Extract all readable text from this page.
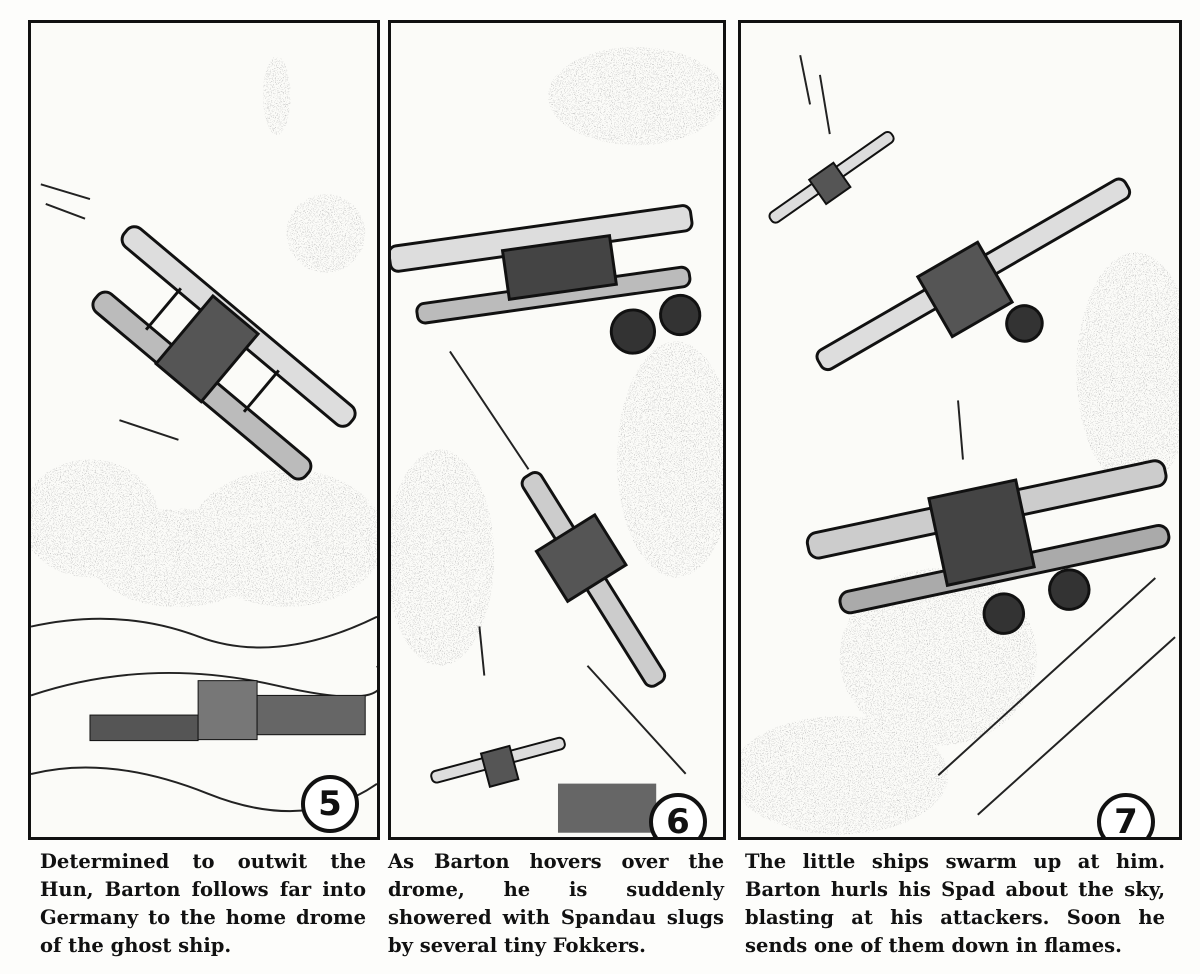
5	6	7

Determined to outwit the Hun, Barton follows far into Germany to the home drome of the ghost ship.

As Barton hovers over the drome, he is suddenly showered with Spandau slugs by several tiny Fokkers.

The little ships swarm up at him. Barton hurls his Spad about the sky, blasting at his attackers. Soon he sends one of them down in flames.
